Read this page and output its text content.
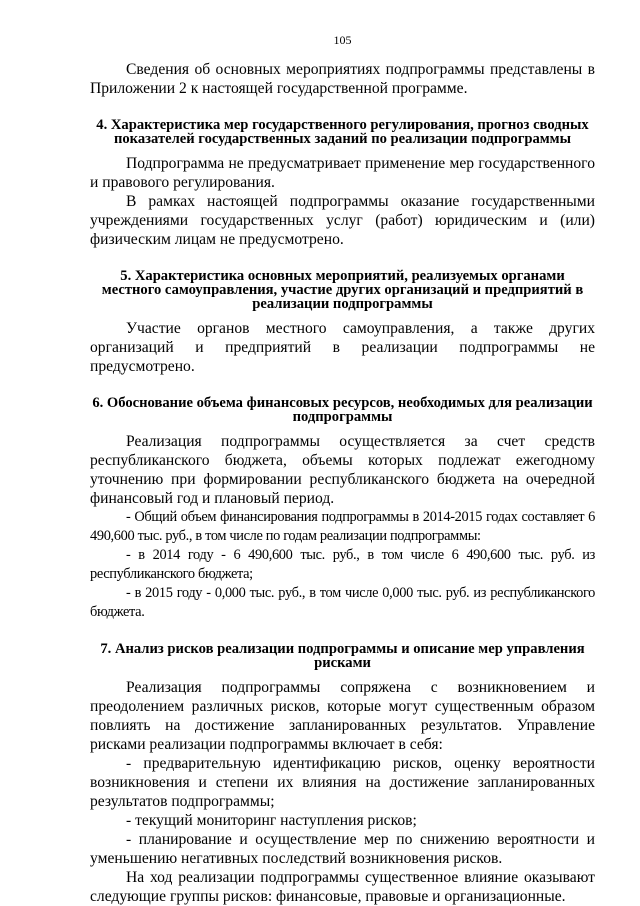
105

Сведения об основных мероприятиях подпрограммы представлены в Приложении 2 к настоящей государственной программе.

4. Характеристика мер государственного регулирования, прогноз сводных показателей государственных заданий по реализации подпрограммы

Подпрограмма не предусматривает применение мер государственного и правового регулирования.

В рамках настоящей подпрограммы оказание государственными учреждениями государственных услуг (работ) юридическим и (или) физическим лицам не предусмотрено.

5. Характеристика основных мероприятий, реализуемых органами местного самоуправления, участие других организаций и предприятий в реализации подпрограммы

Участие органов местного самоуправления, а также других организаций и предприятий в реализации подпрограммы не предусмотрено.

6. Обоснование объема финансовых ресурсов, необходимых для реализации подпрограммы

Реализация подпрограммы осуществляется за счет средств республиканского бюджета, объемы которых подлежат ежегодному уточнению при формировании республиканского бюджета на очередной финансовый год и плановый период.

- Общий объем финансирования подпрограммы в 2014-2015 годах составляет 6 490,600 тыс. руб., в том числе по годам реализации подпрограммы:

- в 2014 году - 6 490,600 тыс. руб., в том числе 6 490,600 тыс. руб. из республиканского бюджета;

- в 2015 году - 0,000 тыс. руб., в том числе 0,000 тыс. руб. из республиканского бюджета.

7. Анализ рисков реализации подпрограммы и описание мер управления рисками

Реализация подпрограммы сопряжена с возникновением и преодолением различных рисков, которые могут существенным образом повлиять на достижение запланированных результатов. Управление рисками реализации подпрограммы включает в себя:

- предварительную идентификацию рисков, оценку вероятности возникновения и степени их влияния на достижение запланированных результатов подпрограммы;

- текущий мониторинг наступления рисков;

- планирование и осуществление мер по снижению вероятности и уменьшению негативных последствий возникновения рисков.

На ход реализации подпрограммы существенное влияние оказывают следующие группы рисков: финансовые, правовые и организационные.
